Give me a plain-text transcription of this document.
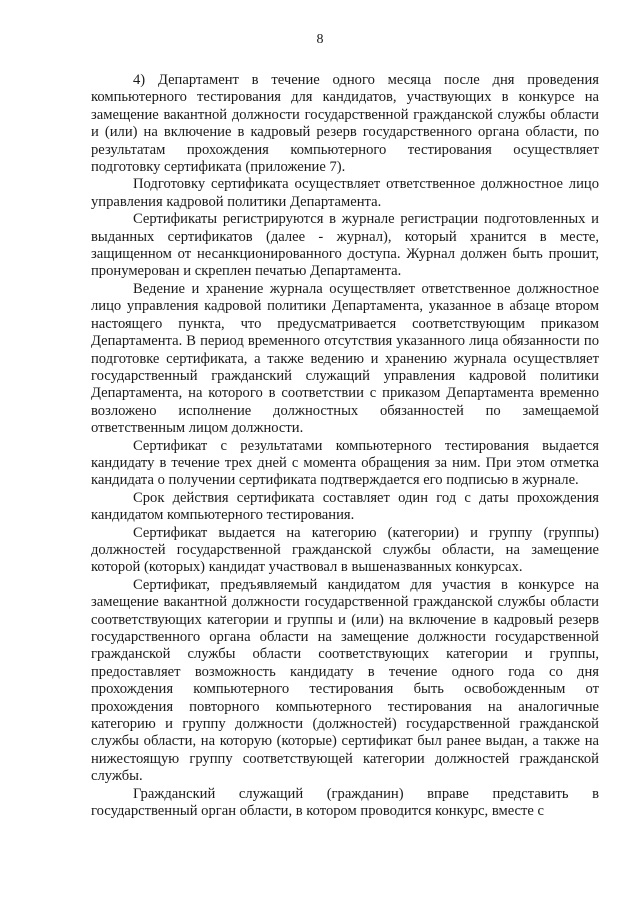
8

4) Департамент в течение одного месяца после дня проведения компьютерного тестирования для кандидатов, участвующих в конкурсе на замещение вакантной должности государственной гражданской службы области и (или) на включение в кадровый резерв государственного органа области, по результатам прохождения компьютерного тестирования осуществляет подготовку сертификата (приложение 7).

Подготовку сертификата осуществляет ответственное должностное лицо управления кадровой политики Департамента.

Сертификаты регистрируются в журнале регистрации подготовленных и выданных сертификатов (далее - журнал), который хранится в месте, защищенном от несанкционированного доступа. Журнал должен быть прошит, пронумерован и скреплен печатью Департамента.

Ведение и хранение журнала осуществляет ответственное должностное лицо управления кадровой политики Департамента, указанное в абзаце втором настоящего пункта, что предусматривается соответствующим приказом Департамента. В период временного отсутствия указанного лица обязанности по подготовке сертификата, а также ведению и хранению журнала осуществляет государственный гражданский служащий управления кадровой политики Департамента, на которого в соответствии с приказом Департамента временно возложено исполнение должностных обязанностей по замещаемой ответственным лицом должности.

Сертификат с результатами компьютерного тестирования выдается кандидату в течение трех дней с момента обращения за ним. При этом отметка кандидата о получении сертификата подтверждается его подписью в журнале.

Срок действия сертификата составляет один год с даты прохождения кандидатом компьютерного тестирования.

Сертификат выдается на категорию (категории) и группу (группы) должностей государственной гражданской службы области, на замещение которой (которых) кандидат участвовал в вышеназванных конкурсах.

Сертификат, предъявляемый кандидатом для участия в конкурсе на замещение вакантной должности государственной гражданской службы области соответствующих категории и группы и (или) на включение в кадровый резерв государственного органа области на замещение должности государственной гражданской службы области соответствующих категории и группы, предоставляет возможность кандидату в течение одного года со дня прохождения компьютерного тестирования быть освобожденным от прохождения повторного компьютерного тестирования на аналогичные категорию и группу должности (должностей) государственной гражданской службы области, на которую (которые) сертификат был ранее выдан, а также на нижестоящую группу соответствующей категории должностей гражданской службы.

Гражданский служащий (гражданин) вправе представить в государственный орган области, в котором проводится конкурс, вместе с
